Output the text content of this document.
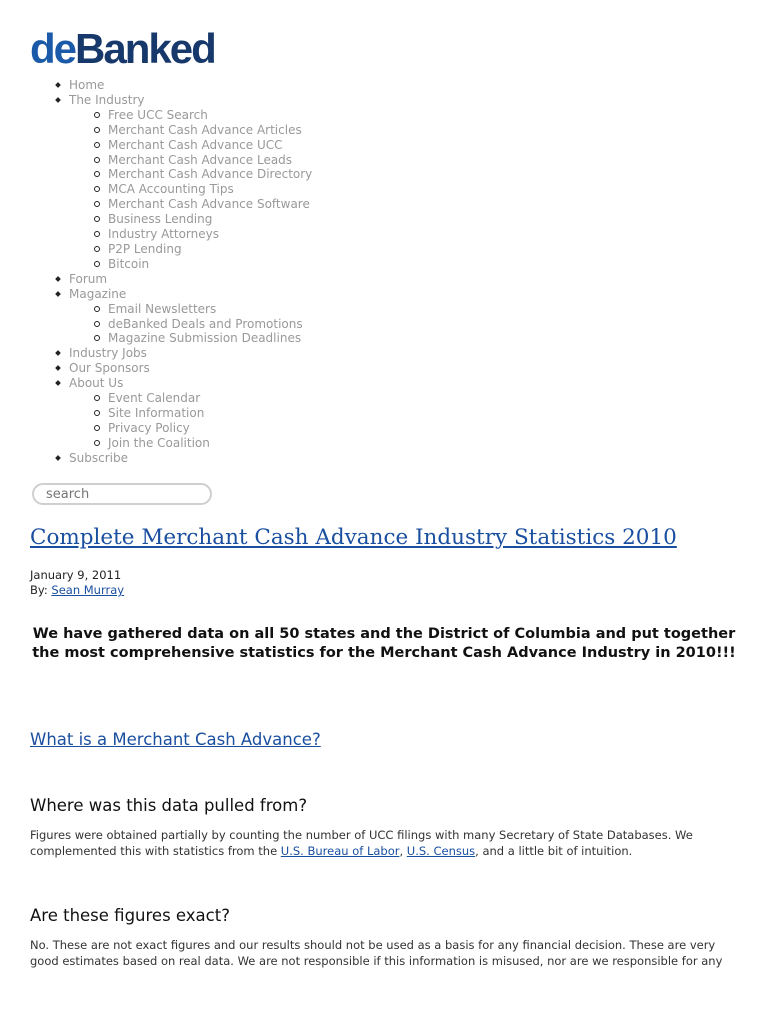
deBanked
Home
The Industry
Free UCC Search
Merchant Cash Advance Articles
Merchant Cash Advance UCC
Merchant Cash Advance Leads
Merchant Cash Advance Directory
MCA Accounting Tips
Merchant Cash Advance Software
Business Lending
Industry Attorneys
P2P Lending
Bitcoin
Forum
Magazine
Email Newsletters
deBanked Deals and Promotions
Magazine Submission Deadlines
Industry Jobs
Our Sponsors
About Us
Event Calendar
Site Information
Privacy Policy
Join the Coalition
Subscribe
search
Complete Merchant Cash Advance Industry Statistics 2010
January 9, 2011
By: Sean Murray

We have gathered data on all 50 states and the District of Columbia and put together the most comprehensive statistics for the Merchant Cash Advance Industry in 2010!!!

What is a Merchant Cash Advance?
Where was this data pulled from?

Figures were obtained partially by counting the number of UCC filings with many Secretary of State Databases. We complemented this with statistics from the U.S. Bureau of Labor, U.S. Census, and a little bit of intuition.

Are these figures exact?

No. These are not exact figures and our results should not be used as a basis for any financial decision. These are very good estimates based on real data. We are not responsible if this information is misused, nor are we responsible for any
